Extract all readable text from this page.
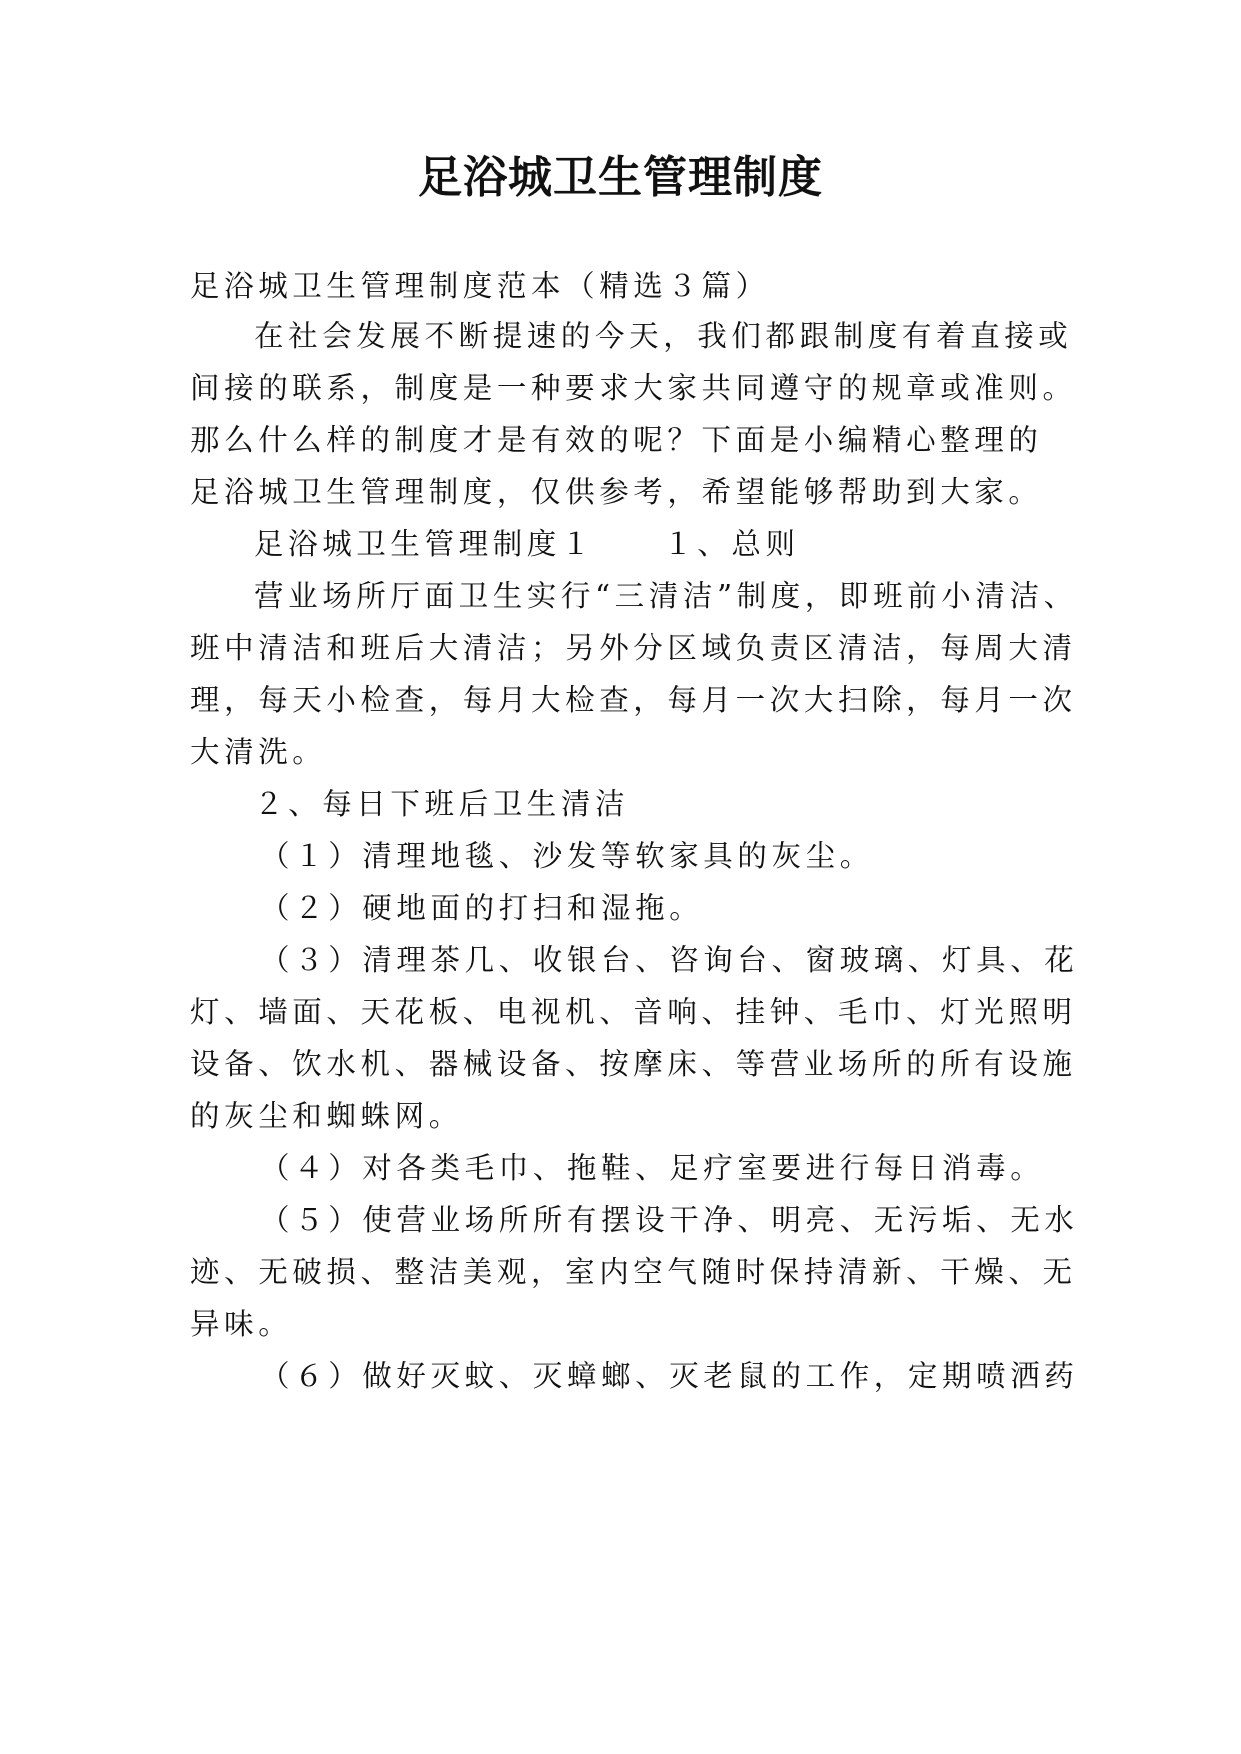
足浴城卫生管理制度

足浴城卫生管理制度范本（精选３篇）

在社会发展不断提速的今天，我们都跟制度有着直接或

间接的联系，制度是一种要求大家共同遵守的规章或准则。

那么什么样的制度才是有效的呢？下面是小编精心整理的

足浴城卫生管理制度，仅供参考，希望能够帮助到大家。

足浴城卫生管理制度１　　１、总则

营业场所厅面卫生实行“三清洁”制度，即班前小清洁、

班中清洁和班后大清洁；另外分区域负责区清洁，每周大清

理，每天小检查，每月大检查，每月一次大扫除，每月一次

大清洗。

２、每日下班后卫生清洁

（１）清理地毯、沙发等软家具的灰尘。

（２）硬地面的打扫和湿拖。

（３）清理茶几、收银台、咨询台、窗玻璃、灯具、花

灯、墙面、天花板、电视机、音响、挂钟、毛巾、灯光照明

设备、饮水机、器械设备、按摩床、等营业场所的所有设施

的灰尘和蜘蛛网。

（４）对各类毛巾、拖鞋、足疗室要进行每日消毒。

（５）使营业场所所有摆设干净、明亮、无污垢、无水

迹、无破损、整洁美观，室内空气随时保持清新、干燥、无

异味。

（６）做好灭蚊、灭蟑螂、灭老鼠的工作，定期喷洒药
